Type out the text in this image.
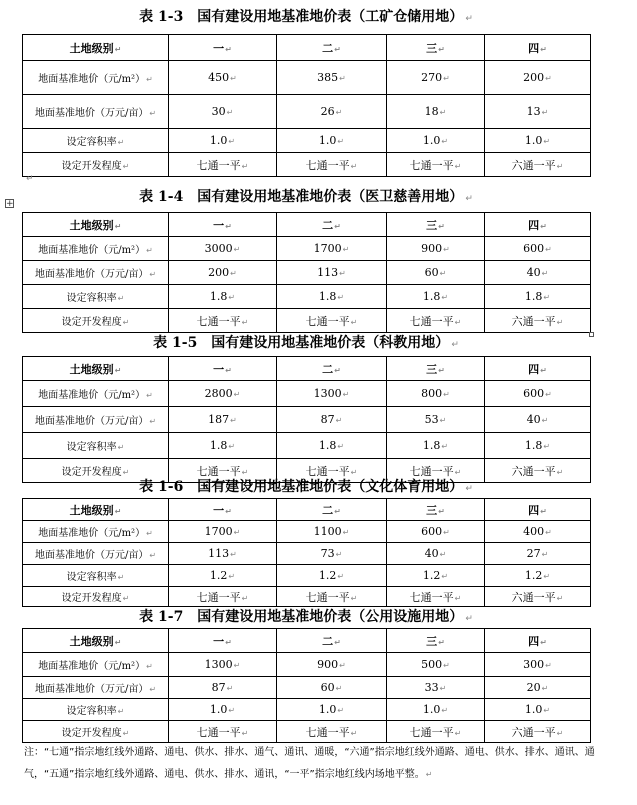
表 1-3　国有建设用地基准地价表（工矿仓储用地） ↵
土地级别↵	一↵	二↵	三↵	四↵
地面基准地价（元/m²）↵	450↵	385↵	270↵	200↵
地面基准地价（万元/亩）↵	30↵	26↵	18↵	13↵
设定容积率↵	1.0↵	1.0↵	1.0↵	1.0↵
设定开发程度↵	七通一平↵	七通一平↵	七通一平↵	六通一平↵
↵
+	表 1-4　国有建设用地基准地价表（医卫慈善用地） ↵
土地级别↵	一↵	二↵	三↵	四↵
地面基准地价（元/m²）↵	3000↵	1700↵	900↵	600↵
地面基准地价（万元/亩）↵	200↵	113↵	60↵	40↵
设定容积率↵	1.8↵	1.8↵	1.8↵	1.8↵
设定开发程度↵	七通一平↵	七通一平↵	七通一平↵	六通一平↵
表 1-5　国有建设用地基准地价表（科教用地） ↵
土地级别↵	一↵	二↵	三↵	四↵
地面基准地价（元/m²）↵	2800↵	1300↵	800↵	600↵
地面基准地价（万元/亩）↵	187↵	87↵	53↵	40↵
设定容积率↵	1.8↵	1.8↵	1.8↵	1.8↵
设定开发程度↵	七通一平↵	七通一平↵	七通一平↵	六通一平↵
表 1-6　国有建设用地基准地价表（文化体育用地） ↵
土地级别↵	一↵	二↵	三↵	四↵
地面基准地价（元/m²）↵	1700↵	1100↵	600↵	400↵
地面基准地价（万元/亩）↵	113↵	73↵	40↵	27↵
设定容积率↵	1.2↵	1.2↵	1.2↵	1.2↵
设定开发程度↵	七通一平↵	七通一平↵	七通一平↵	六通一平↵
表 1-7　国有建设用地基准地价表（公用设施用地） ↵
土地级别↵	一↵	二↵	三↵	四↵
地面基准地价（元/m²）↵	1300↵	900↵	500↵	300↵
地面基准地价（万元/亩）↵	87↵	60↵	33↵	20↵
设定容积率↵	1.0↵	1.0↵	1.0↵	1.0↵
设定开发程度↵	七通一平↵	七通一平↵	七通一平↵	六通一平↵
注：“七通”指宗地红线外通路、通电、供水、排水、通气、通讯、通暖，“六通”指宗地红线外通路、通电、供水、排水、通讯、通气，“五通”指宗地红线外通路、通电、供水、排水、通讯，“一平”指宗地红线内场地平整。↵
